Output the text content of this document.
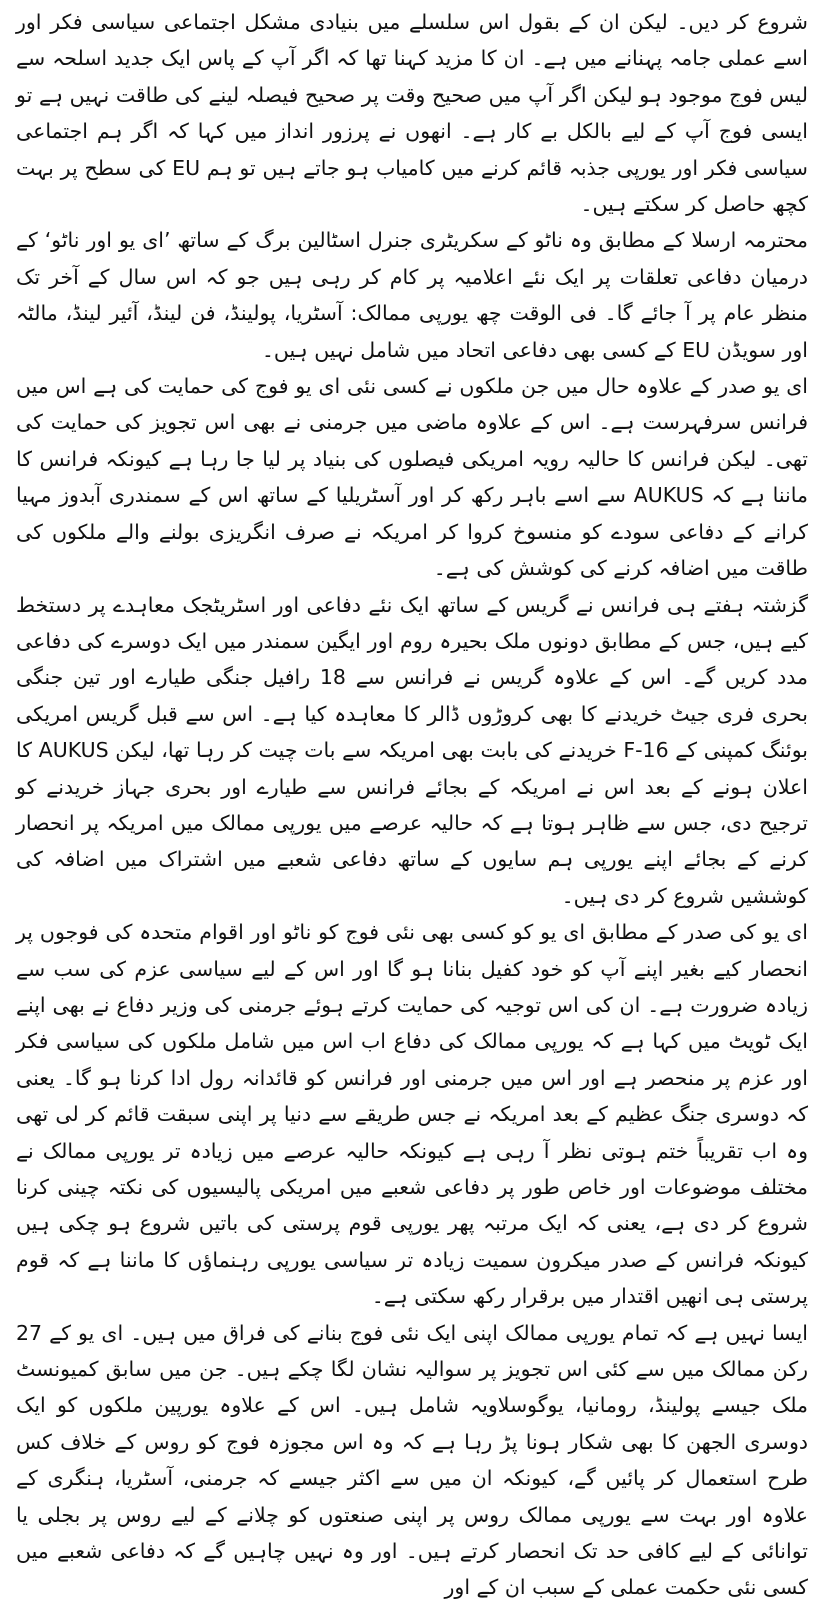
شروع کر دیں۔ لیکن ان کے بقول اس سلسلے میں بنیادی مشکل اجتماعی سیاسی فکر اور اسے عملی جامہ پہنانے میں ہے۔ ان کا مزید کہنا تھا کہ اگر آپ کے پاس ایک جدید اسلحہ سے لیس فوج موجود ہو لیکن اگر آپ میں صحیح وقت پر صحیح فیصلہ لینے کی طاقت نہیں ہے تو ایسی فوج آپ کے لیے بالکل بے کار ہے۔ انھوں نے پرزور انداز میں کہا کہ اگر ہم اجتماعی سیاسی فکر اور یورپی جذبہ قائم کرنے میں کامیاب ہو جاتے ہیں تو ہم EU کی سطح پر بہت کچھ حاصل کر سکتے ہیں۔

محترمہ ارسلا کے مطابق وہ ناٹو کے سکریٹری جنرل اسٹالین برگ کے ساتھ ’ای یو اور ناٹو‘ کے درمیان دفاعی تعلقات پر ایک نئے اعلامیہ پر کام کر رہی ہیں جو کہ اس سال کے آخر تک منظر عام پر آ جائے گا۔ فی الوقت چھ یورپی ممالک: آسٹریا، پولینڈ، فن لینڈ، آئیر لینڈ، مالٹہ اور سویڈن EU کے کسی بھی دفاعی اتحاد میں شامل نہیں ہیں۔

ای یو صدر کے علاوہ حال میں جن ملکوں نے کسی نئی ای یو فوج کی حمایت کی ہے اس میں فرانس سرفہرست ہے۔ اس کے علاوہ ماضی میں جرمنی نے بھی اس تجویز کی حمایت کی تھی۔ لیکن فرانس کا حالیہ رویہ امریکی فیصلوں کی بنیاد پر لیا جا رہا ہے کیونکہ فرانس کا ماننا ہے کہ AUKUS سے اسے باہر رکھ کر اور آسٹریلیا کے ساتھ اس کے سمندری آبدوز مہیا کرانے کے دفاعی سودے کو منسوخ کروا کر امریکہ نے صرف انگریزی بولنے والے ملکوں کی طاقت میں اضافہ کرنے کی کوشش کی ہے۔

گزشتہ ہفتے ہی فرانس نے گریس کے ساتھ ایک نئے دفاعی اور اسٹریٹجک معاہدے پر دستخط کیے ہیں، جس کے مطابق دونوں ملک بحیرہ روم اور ایگین سمندر میں ایک دوسرے کی دفاعی مدد کریں گے۔ اس کے علاوہ گریس نے فرانس سے 18 رافیل جنگی طیارے اور تین جنگی بحری فری جیٹ خریدنے کا بھی کروڑوں ڈالر کا معاہدہ کیا ہے۔ اس سے قبل گریس امریکی بوئنگ کمپنی کے F-16 خریدنے کی بابت بھی امریکہ سے بات چیت کر رہا تھا، لیکن AUKUS کا اعلان ہونے کے بعد اس نے امریکہ کے بجائے فرانس سے طیارے اور بحری جہاز خریدنے کو ترجیح دی، جس سے ظاہر ہوتا ہے کہ حالیہ عرصے میں یورپی ممالک میں امریکہ پر انحصار کرنے کے بجائے اپنے یورپی ہم سایوں کے ساتھ دفاعی شعبے میں اشتراک میں اضافہ کی کوششیں شروع کر دی ہیں۔

ای یو کی صدر کے مطابق ای یو کو کسی بھی نئی فوج کو ناٹو اور اقوام متحدہ کی فوجوں پر انحصار کیے بغیر اپنے آپ کو خود کفیل بنانا ہو گا اور اس کے لیے سیاسی عزم کی سب سے زیادہ ضرورت ہے۔ ان کی اس توجیہ کی حمایت کرتے ہوئے جرمنی کی وزیر دفاع نے بھی اپنے ایک ٹویٹ میں کہا ہے کہ یورپی ممالک کی دفاع اب اس میں شامل ملکوں کی سیاسی فکر اور عزم پر منحصر ہے اور اس میں جرمنی اور فرانس کو قائدانہ رول ادا کرنا ہو گا۔ یعنی کہ دوسری جنگ عظیم کے بعد امریکہ نے جس طریقے سے دنیا پر اپنی سبقت قائم کر لی تھی وہ اب تقریباً ختم ہوتی نظر آ رہی ہے کیونکہ حالیہ عرصے میں زیادہ تر یورپی ممالک نے مختلف موضوعات اور خاص طور پر دفاعی شعبے میں امریکی پالیسیوں کی نکتہ چینی کرنا شروع کر دی ہے، یعنی کہ ایک مرتبہ پھر یورپی قوم پرستی کی باتیں شروع ہو چکی ہیں کیونکہ فرانس کے صدر میکرون سمیت زیادہ تر سیاسی یورپی رہنماؤں کا ماننا ہے کہ قوم پرستی ہی انھیں اقتدار میں برقرار رکھ سکتی ہے۔

ایسا نہیں ہے کہ تمام یورپی ممالک اپنی ایک نئی فوج بنانے کی فراق میں ہیں۔ ای یو کے 27 رکن ممالک میں سے کئی اس تجویز پر سوالیہ نشان لگا چکے ہیں۔ جن میں سابق کمیونسٹ ملک جیسے پولینڈ، رومانیا، یوگوسلاویہ شامل ہیں۔ اس کے علاوہ یورپین ملکوں کو ایک دوسری الجھن کا بھی شکار ہونا پڑ رہا ہے کہ وہ اس مجوزہ فوج کو روس کے خلاف کس طرح استعمال کر پائیں گے، کیونکہ ان میں سے اکثر جیسے کہ جرمنی، آسٹریا، ہنگری کے علاوہ اور بہت سے یورپی ممالک روس پر اپنی صنعتوں کو چلانے کے لیے روس پر بجلی یا توانائی کے لیے کافی حد تک انحصار کرتے ہیں۔ اور وہ نہیں چاہیں گے کہ دفاعی شعبے میں کسی نئی حکمت عملی کے سبب ان کے اور
